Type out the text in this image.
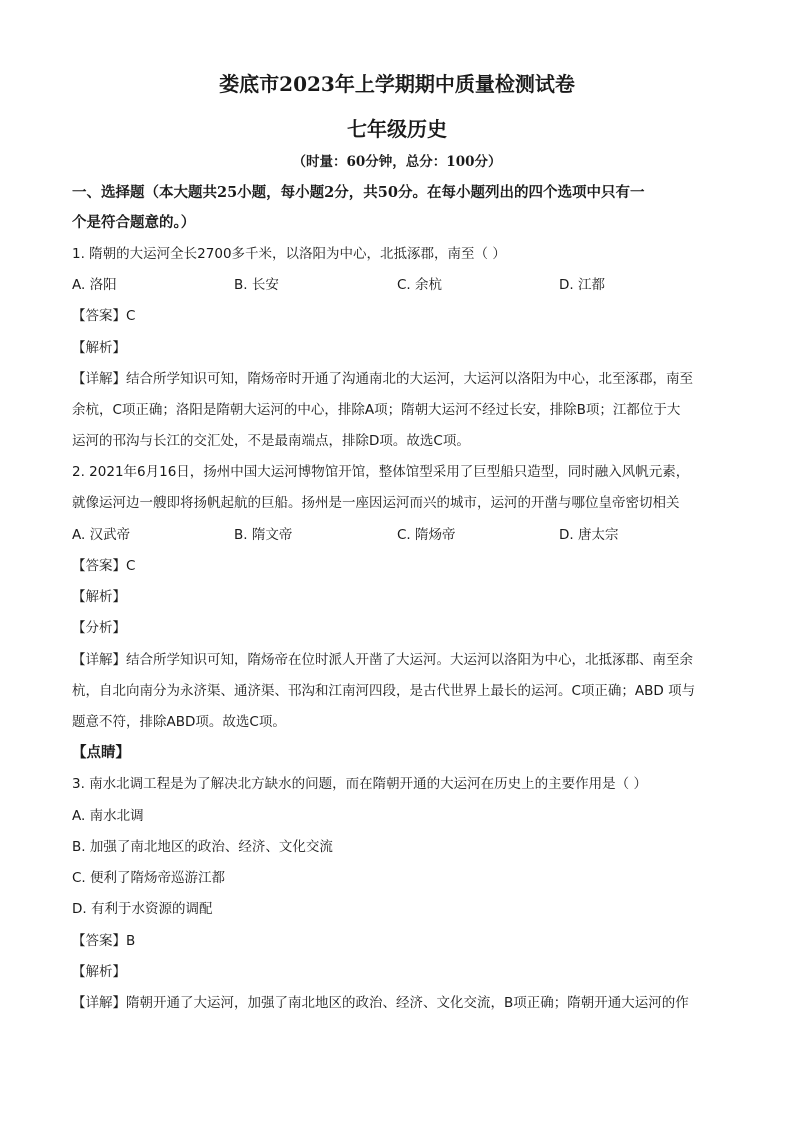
娄底市2023年上学期期中质量检测试卷
七年级历史
（时量：60分钟，总分：100分）
一、选择题（本大题共25小题，每小题2分，共50分。在每小题列出的四个选项中只有一
个是符合题意的。）
1. 隋朝的大运河全长2700多千米，以洛阳为中心，北抵涿郡，南至（ ）
A. 洛阳	B. 长安	C. 余杭	D. 江都
【答案】C
【解析】
【详解】结合所学知识可知，隋炀帝时开通了沟通南北的大运河，大运河以洛阳为中心，北至涿郡，南至
余杭，C项正确；洛阳是隋朝大运河的中心，排除A项；隋朝大运河不经过长安，排除B项；江都位于大
运河的邗沟与长江的交汇处，不是最南端点，排除D项。故选C项。
2. 2021年6月16日，扬州中国大运河博物馆开馆，整体馆型采用了巨型船只造型，同时融入风帆元素，
就像运河边一艘即将扬帆起航的巨船。扬州是一座因运河而兴的城市，运河的开凿与哪位皇帝密切相关
A. 汉武帝	B. 隋文帝	C. 隋炀帝	D. 唐太宗
【答案】C
【解析】
【分析】
【详解】结合所学知识可知，隋炀帝在位时派人开凿了大运河。大运河以洛阳为中心，北抵涿郡、南至余
杭，自北向南分为永济渠、通济渠、邗沟和江南河四段，是古代世界上最长的运河。C项正确；ABD 项与
题意不符，排除ABD项。故选C项。
【点睛】
3. 南水北调工程是为了解决北方缺水的问题，而在隋朝开通的大运河在历史上的主要作用是（ ）
A. 南水北调
B. 加强了南北地区的政治、经济、文化交流
C. 便利了隋炀帝巡游江都
D. 有利于水资源的调配
【答案】B
【解析】
【详解】隋朝开通了大运河，加强了南北地区的政治、经济、文化交流，B项正确；隋朝开通大运河的作
